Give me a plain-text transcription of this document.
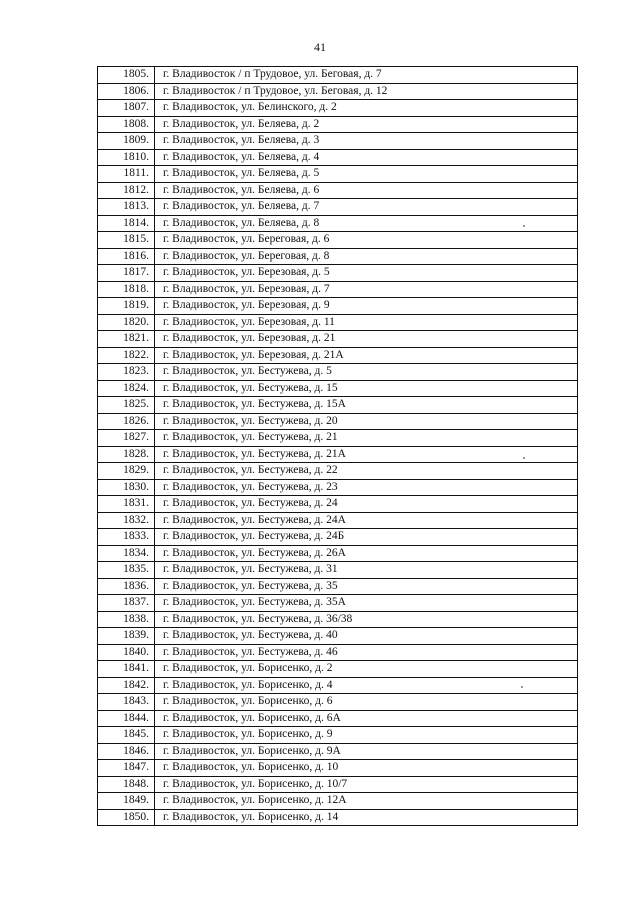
41
1805.	г. Владивосток / п Трудовое, ул. Беговая, д. 7
1806.	г. Владивосток / п Трудовое, ул. Беговая, д. 12
1807.	г. Владивосток, ул. Белинского, д. 2
1808.	г. Владивосток, ул. Беляева, д. 2
1809.	г. Владивосток, ул. Беляева, д. 3
1810.	г. Владивосток, ул. Беляева, д. 4
1811.	г. Владивосток, ул. Беляева, д. 5
1812.	г. Владивосток, ул. Беляева, д. 6
1813.	г. Владивосток, ул. Беляева, д. 7
1814.	г. Владивосток, ул. Беляева, д. 8
1815.	г. Владивосток, ул. Береговая, д. 6
1816.	г. Владивосток, ул. Береговая, д. 8
1817.	г. Владивосток, ул. Березовая, д. 5
1818.	г. Владивосток, ул. Березовая, д. 7
1819.	г. Владивосток, ул. Березовая, д. 9
1820.	г. Владивосток, ул. Березовая, д. 11
1821.	г. Владивосток, ул. Березовая, д. 21
1822.	г. Владивосток, ул. Березовая, д. 21А
1823.	г. Владивосток, ул. Бестужева, д. 5
1824.	г. Владивосток, ул. Бестужева, д. 15
1825.	г. Владивосток, ул. Бестужева, д. 15А
1826.	г. Владивосток, ул. Бестужева, д. 20
1827.	г. Владивосток, ул. Бестужева, д. 21
1828.	г. Владивосток, ул. Бестужева, д. 21А
1829.	г. Владивосток, ул. Бестужева, д. 22
1830.	г. Владивосток, ул. Бестужева, д. 23
1831.	г. Владивосток, ул. Бестужева, д. 24
1832.	г. Владивосток, ул. Бестужева, д. 24А
1833.	г. Владивосток, ул. Бестужева, д. 24Б
1834.	г. Владивосток, ул. Бестужева, д. 26А
1835.	г. Владивосток, ул. Бестужева, д. 31
1836.	г. Владивосток, ул. Бестужева, д. 35
1837.	г. Владивосток, ул. Бестужева, д. 35А
1838.	г. Владивосток, ул. Бестужева, д. 36/38
1839.	г. Владивосток, ул. Бестужева, д. 40
1840.	г. Владивосток, ул. Бестужева, д. 46
1841.	г. Владивосток, ул. Борисенко, д. 2
1842.	г. Владивосток, ул. Борисенко, д. 4
1843.	г. Владивосток, ул. Борисенко, д. 6
1844.	г. Владивосток, ул. Борисенко, д. 6А
1845.	г. Владивосток, ул. Борисенко, д. 9
1846.	г. Владивосток, ул. Борисенко, д. 9А
1847.	г. Владивосток, ул. Борисенко, д. 10
1848.	г. Владивосток, ул. Борисенко, д. 10/7
1849.	г. Владивосток, ул. Борисенко, д. 12А
1850.	г. Владивосток, ул. Борисенко, д. 14
